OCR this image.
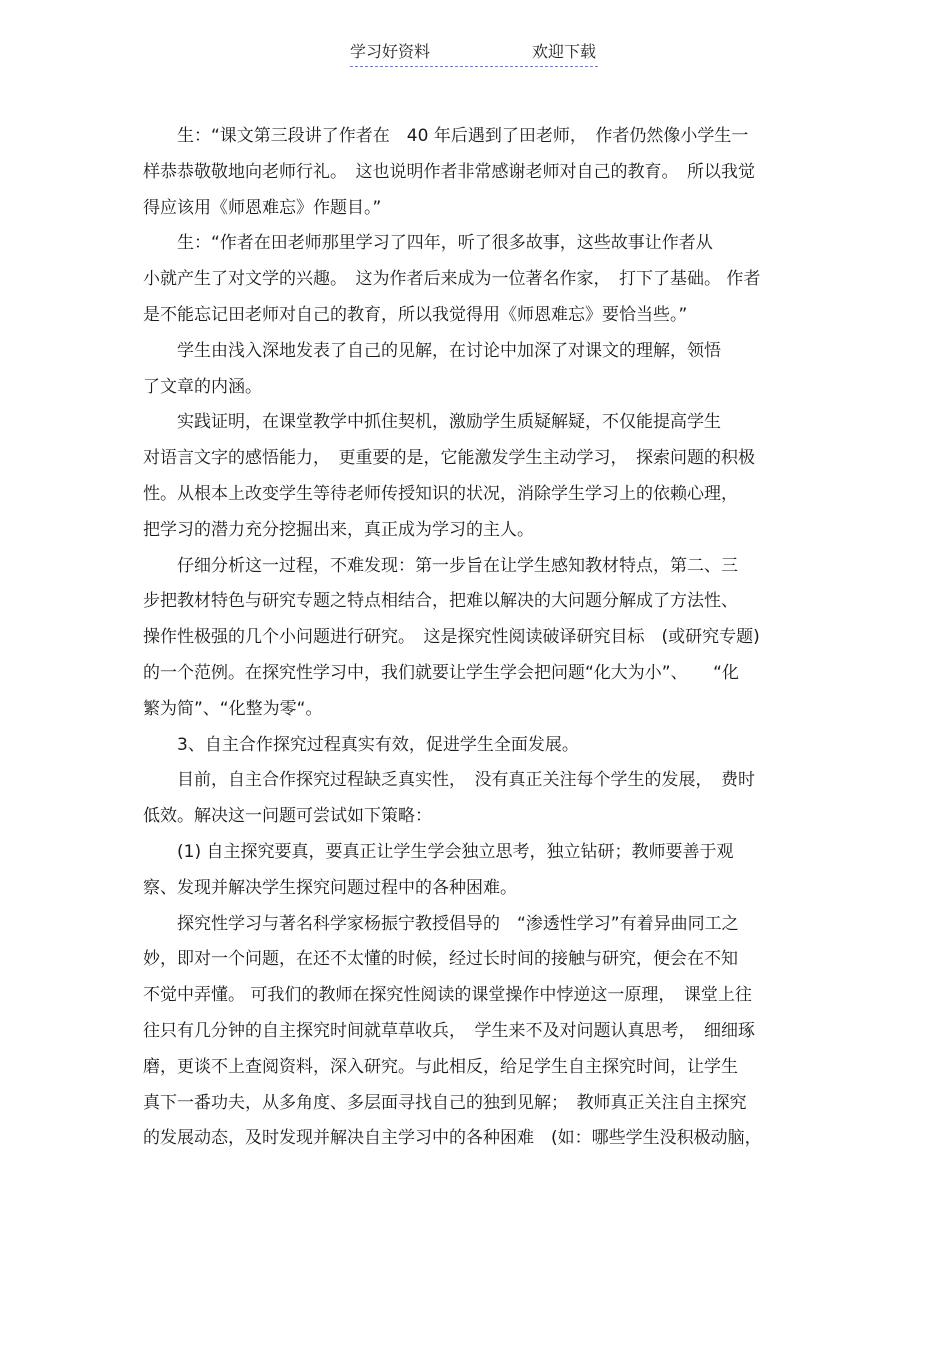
学习好资料	欢迎下载
　　生：“课文第三段讲了作者在　40 年后遇到了田老师，　作者仍然像小学生一
样恭恭敬敬地向老师行礼。　这也说明作者非常感谢老师对自己的教育。　所以我觉
得应该用《师恩难忘》作题目。”
　　生：“作者在田老师那里学习了四年，听了很多故事，这些故事让作者从
小就产生了对文学的兴趣。　这为作者后来成为一位著名作家，　打下了基础。 作者
是不能忘记田老师对自己的教育，所以我觉得用《师恩难忘》要恰当些。”
　　学生由浅入深地发表了自己的见解，在讨论中加深了对课文的理解，领悟
了文章的内涵。
　　实践证明，在课堂教学中抓住契机，激励学生质疑解疑，不仅能提高学生
对语言文字的感悟能力，　更重要的是，它能激发学生主动学习，　探索问题的积极
性。从根本上改变学生等待老师传授知识的状况，消除学生学习上的依赖心理，
把学习的潜力充分挖掘出来，真正成为学习的主人。
　　仔细分析这一过程，不难发现：第一步旨在让学生感知教材特点，第二、三
步把教材特色与研究专题之特点相结合，把难以解决的大问题分解成了方法性、
操作性极强的几个小问题进行研究。　这是探究性阅读破译研究目标　(或研究专题)
的一个范例。在探究性学习中，我们就要让学生学会把问题“化大为小”、　　“化
繁为简”、“化整为零“。
　　3、自主合作探究过程真实有效，促进学生全面发展。
　　目前，自主合作探究过程缺乏真实性，　没有真正关注每个学生的发展，　费时
低效。解决这一问题可尝试如下策略：
　　(1) 自主探究要真，要真正让学生学会独立思考，独立钻研；教师要善于观
察、发现并解决学生探究问题过程中的各种困难。
　　探究性学习与著名科学家杨振宁教授倡导的　“渗透性学习”有着异曲同工之
妙，即对一个问题，在还不太懂的时候，经过长时间的接触与研究，便会在不知
不觉中弄懂。 可我们的教师在探究性阅读的课堂操作中悖逆这一原理，　课堂上往
往只有几分钟的自主探究时间就草草收兵，　学生来不及对问题认真思考，　细细琢
磨，更谈不上查阅资料，深入研究。与此相反，给足学生自主探究时间，让学生
真下一番功夫，从多角度、多层面寻找自己的独到见解；　教师真正关注自主探究
的发展动态，及时发现并解决自主学习中的各种困难　(如：哪些学生没积极动脑，
